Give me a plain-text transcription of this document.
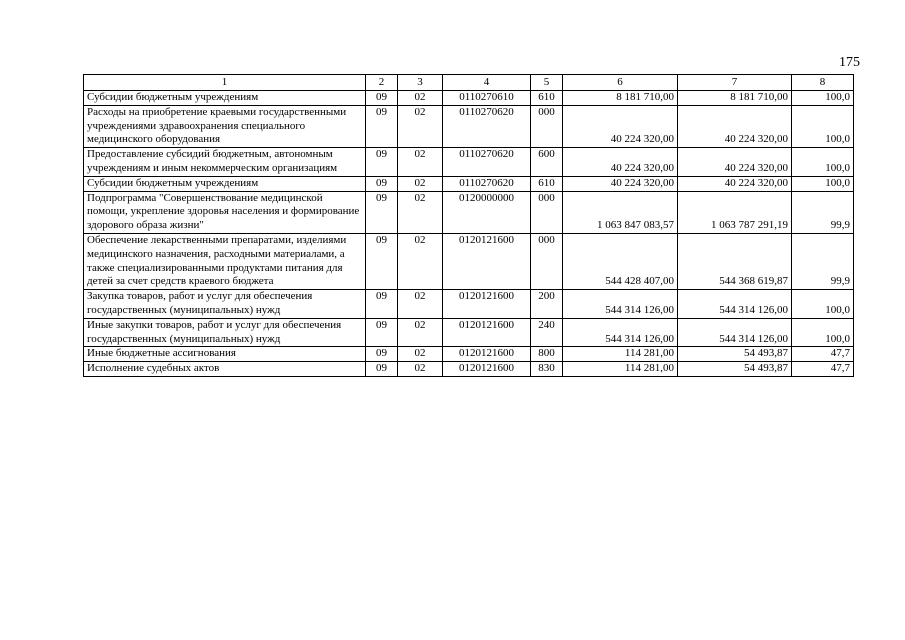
175
1	2	3	4	5	6	7	8
Субсидии бюджетным учреждениям	09	02	0110270610	610	8 181 710,00	8 181 710,00	100,0
Расходы на приобретение краевыми государственными учреждениями здравоохранения специального медицинского оборудования	09	02	0110270620	000	40 224 320,00	40 224 320,00	100,0
Предоставление субсидий бюджетным, автономным учреждениям и иным некоммерческим организациям	09	02	0110270620	600	40 224 320,00	40 224 320,00	100,0
Субсидии бюджетным учреждениям	09	02	0110270620	610	40 224 320,00	40 224 320,00	100,0
Подпрограмма "Совершенствование медицинской помощи, укрепление здоровья населения и формирование здорового образа жизни"	09	02	0120000000	000	1 063 847 083,57	1 063 787 291,19	99,9
Обеспечение лекарственными препаратами, изделиями медицинского назначения, расходными материалами, а также специализированными продуктами питания для детей за счет средств краевого бюджета	09	02	0120121600	000	544 428 407,00	544 368 619,87	99,9
Закупка товаров, работ и услуг для обеспечения государственных (муниципальных) нужд	09	02	0120121600	200	544 314 126,00	544 314 126,00	100,0
Иные закупки товаров, работ и услуг для обеспечения государственных (муниципальных) нужд	09	02	0120121600	240	544 314 126,00	544 314 126,00	100,0
Иные бюджетные ассигнования	09	02	0120121600	800	114 281,00	54 493,87	47,7
Исполнение судебных актов	09	02	0120121600	830	114 281,00	54 493,87	47,7
